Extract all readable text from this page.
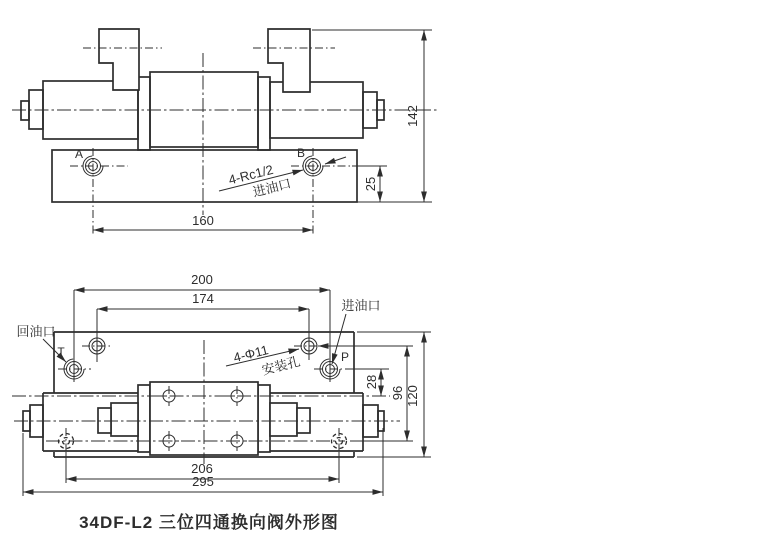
A	B
160
25
142
4-Rc1/2
进油口
T	P
200
174
28
96 120
206
295
回油口
进油口
4-Φ11
安装孔
34DF-L2 三位四通换向阀外形图
